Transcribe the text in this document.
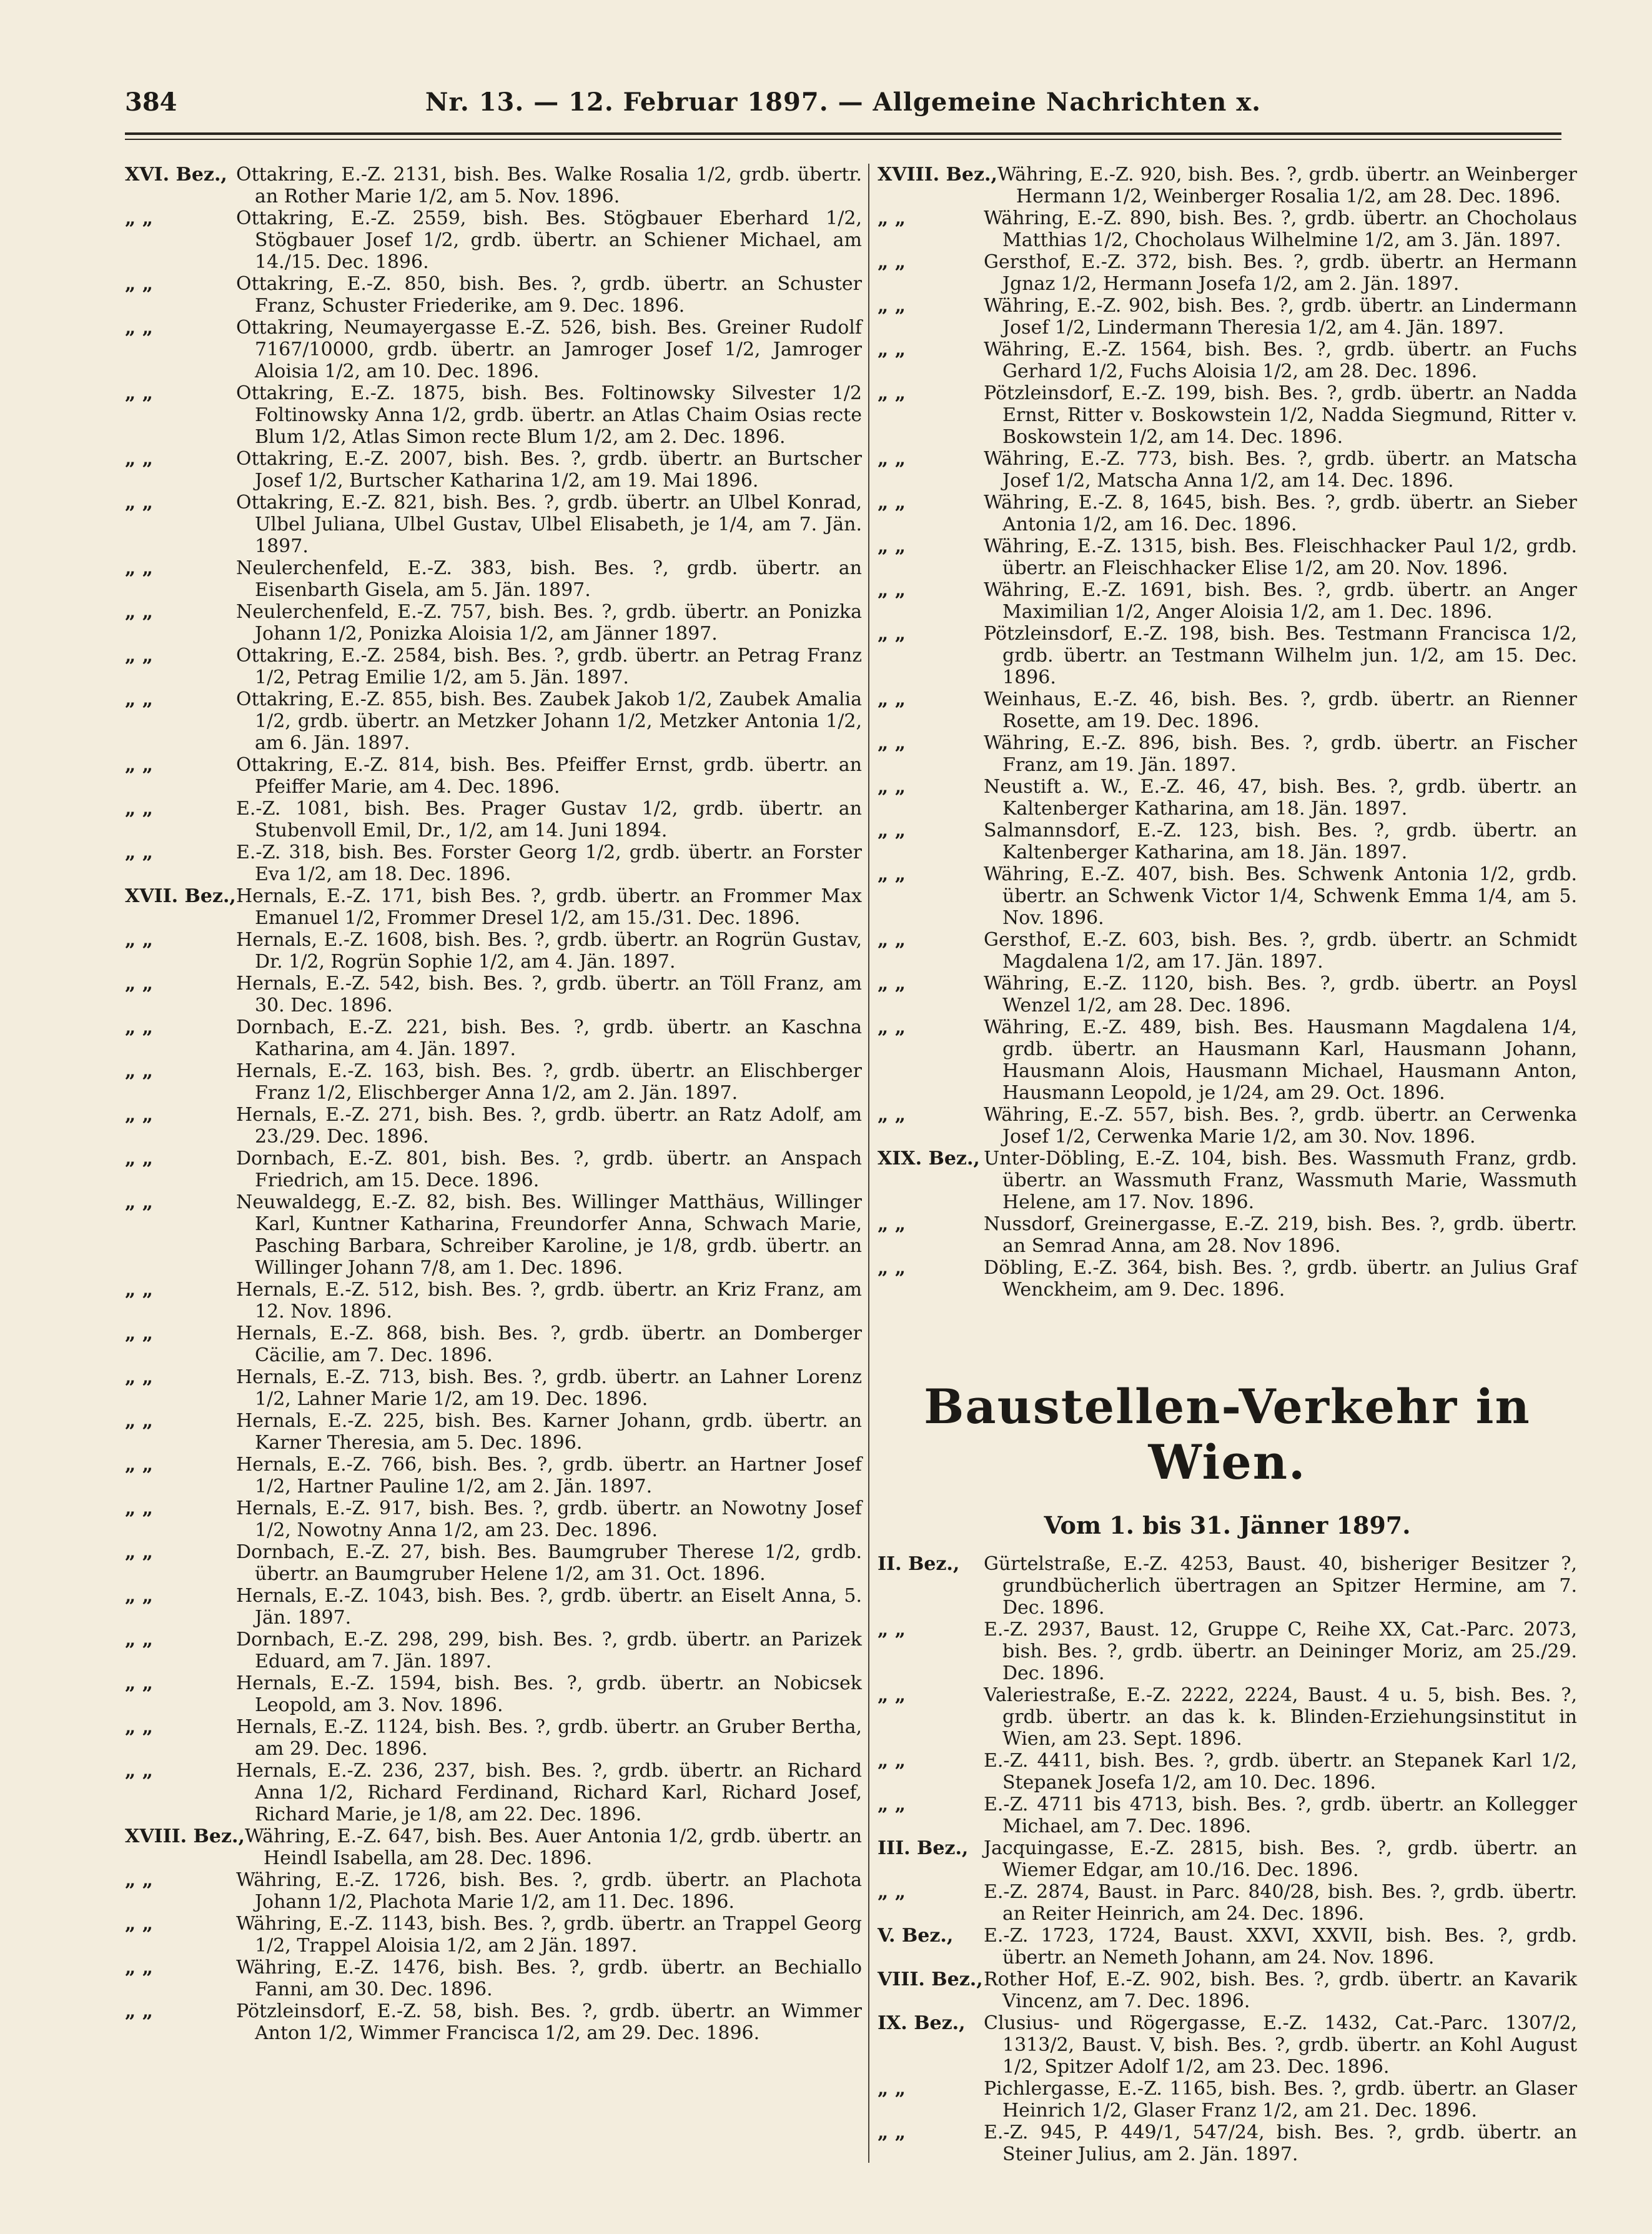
384	Nr. 13. — 12. Februar 1897. — Allgemeine Nachrichten x.
XVI. Bez., Ottakring, E.-Z. 2131, bish. Bes. Walke Rosalia 1/2, grdb. übertr. an Rother Marie 1/2, am 5. Nov. 1896.
„ „	Ottakring, E.-Z. 2559, bish. Bes. Stögbauer Eberhard 1/2, Stögbauer Josef 1/2, grdb. übertr. an Schiener Michael, am 14./15. Dec. 1896.
„ „	Ottakring, E.-Z. 850, bish. Bes. ?, grdb. übertr. an Schuster Franz, Schuster Friederike, am 9. Dec. 1896.
„ „	Ottakring, Neumayergasse E.-Z. 526, bish. Bes. Greiner Rudolf 7167/10000, grdb. übertr. an Jamroger Josef 1/2, Jamroger Aloisia 1/2, am 10. Dec. 1896.
„ „	Ottakring, E.-Z. 1875, bish. Bes. Foltinowsky Silvester 1/2 Foltinowsky Anna 1/2, grdb. übertr. an Atlas Chaim Osias recte Blum 1/2, Atlas Simon recte Blum 1/2, am 2. Dec. 1896.
„ „	Ottakring, E.-Z. 2007, bish. Bes. ?, grdb. übertr. an Burtscher Josef 1/2, Burtscher Katharina 1/2, am 19. Mai 1896.
„ „	Ottakring, E.-Z. 821, bish. Bes. ?, grdb. übertr. an Ulbel Konrad, Ulbel Juliana, Ulbel Gustav, Ulbel Elisabeth, je 1/4, am 7. Jän. 1897.
„ „	Neulerchenfeld, E.-Z. 383, bish. Bes. ?, grdb. übertr. an Eisenbarth Gisela, am 5. Jän. 1897.
„ „	Neulerchenfeld, E.-Z. 757, bish. Bes. ?, grdb. übertr. an Ponizka Johann 1/2, Ponizka Aloisia 1/2, am Jänner 1897.
„ „	Ottakring, E.-Z. 2584, bish. Bes. ?, grdb. übertr. an Petrag Franz 1/2, Petrag Emilie 1/2, am 5. Jän. 1897.
„ „	Ottakring, E.-Z. 855, bish. Bes. Zaubek Jakob 1/2, Zaubek Amalia 1/2, grdb. übertr. an Metzker Johann 1/2, Metzker Antonia 1/2, am 6. Jän. 1897.
„ „	Ottakring, E.-Z. 814, bish. Bes. Pfeiffer Ernst, grdb. übertr. an Pfeiffer Marie, am 4. Dec. 1896.
„ „	E.-Z. 1081, bish. Bes. Prager Gustav 1/2, grdb. übertr. an Stubenvoll Emil, Dr., 1/2, am 14. Juni 1894.
„ „	E.-Z. 318, bish. Bes. Forster Georg 1/2, grdb. übertr. an Forster Eva 1/2, am 18. Dec. 1896.
XVII. Bez., Hernals, E.-Z. 171, bish Bes. ?, grdb. übertr. an Frommer Max Emanuel 1/2, Frommer Dresel 1/2, am 15./31. Dec. 1896.
„ „	Hernals, E.-Z. 1608, bish. Bes. ?, grdb. übertr. an Rogrün Gustav, Dr. 1/2, Rogrün Sophie 1/2, am 4. Jän. 1897.
„ „	Hernals, E.-Z. 542, bish. Bes. ?, grdb. übertr. an Töll Franz, am 30. Dec. 1896.
„ „	Dornbach, E.-Z. 221, bish. Bes. ?, grdb. übertr. an Kaschna Katharina, am 4. Jän. 1897.
„ „	Hernals, E.-Z. 163, bish. Bes. ?, grdb. übertr. an Elischberger Franz 1/2, Elischberger Anna 1/2, am 2. Jän. 1897.
„ „	Hernals, E.-Z. 271, bish. Bes. ?, grdb. übertr. an Ratz Adolf, am 23./29. Dec. 1896.
„ „	Dornbach, E.-Z. 801, bish. Bes. ?, grdb. übertr. an Anspach Friedrich, am 15. Dece. 1896.
„ „	Neuwaldegg, E.-Z. 82, bish. Bes. Willinger Matthäus, Willinger Karl, Kuntner Katharina, Freundorfer Anna, Schwach Marie, Pasching Barbara, Schreiber Karoline, je 1/8, grdb. übertr. an Willinger Johann 7/8, am 1. Dec. 1896.
„ „	Hernals, E.-Z. 512, bish. Bes. ?, grdb. übertr. an Kriz Franz, am 12. Nov. 1896.
„ „	Hernals, E.-Z. 868, bish. Bes. ?, grdb. übertr. an Domberger Cäcilie, am 7. Dec. 1896.
„ „	Hernals, E.-Z. 713, bish. Bes. ?, grdb. übertr. an Lahner Lorenz 1/2, Lahner Marie 1/2, am 19. Dec. 1896.
„ „	Hernals, E.-Z. 225, bish. Bes. Karner Johann, grdb. übertr. an Karner Theresia, am 5. Dec. 1896.
„ „	Hernals, E.-Z. 766, bish. Bes. ?, grdb. übertr. an Hartner Josef 1/2, Hartner Pauline 1/2, am 2. Jän. 1897.
„ „	Hernals, E.-Z. 917, bish. Bes. ?, grdb. übertr. an Nowotny Josef 1/2, Nowotny Anna 1/2, am 23. Dec. 1896.
„ „	Dornbach, E.-Z. 27, bish. Bes. Baumgruber Therese 1/2, grdb. übertr. an Baumgruber Helene 1/2, am 31. Oct. 1896.
„ „	Hernals, E.-Z. 1043, bish. Bes. ?, grdb. übertr. an Eiselt Anna, 5. Jän. 1897.
„ „	Dornbach, E.-Z. 298, 299, bish. Bes. ?, grdb. übertr. an Parizek Eduard, am 7. Jän. 1897.
„ „	Hernals, E.-Z. 1594, bish. Bes. ?, grdb. übertr. an Nobicsek Leopold, am 3. Nov. 1896.
„ „	Hernals, E.-Z. 1124, bish. Bes. ?, grdb. übertr. an Gruber Bertha, am 29. Dec. 1896.
„ „	Hernals, E.-Z. 236, 237, bish. Bes. ?, grdb. übertr. an Richard Anna 1/2, Richard Ferdinand, Richard Karl, Richard Josef, Richard Marie, je 1/8, am 22. Dec. 1896.
XVIII. Bez., Währing, E.-Z. 647, bish. Bes. Auer Antonia 1/2, grdb. übertr. an Heindl Isabella, am 28. Dec. 1896.
„ „	Währing, E.-Z. 1726, bish. Bes. ?, grdb. übertr. an Plachota Johann 1/2, Plachota Marie 1/2, am 11. Dec. 1896.
„ „	Währing, E.-Z. 1143, bish. Bes. ?, grdb. übertr. an Trappel Georg 1/2, Trappel Aloisia 1/2, am 2 Jän. 1897.
„ „	Währing, E.-Z. 1476, bish. Bes. ?, grdb. übertr. an Bechiallo Fanni, am 30. Dec. 1896.
„ „	Pötzleinsdorf, E.-Z. 58, bish. Bes. ?, grdb. übertr. an Wimmer Anton 1/2, Wimmer Francisca 1/2, am 29. Dec. 1896.
XVIII. Bez., Währing, E.-Z. 920, bish. Bes. ?, grdb. übertr. an Weinberger Hermann 1/2, Weinberger Rosalia 1/2, am 28. Dec. 1896.
„ „	Währing, E.-Z. 890, bish. Bes. ?, grdb. übertr. an Chocholaus Matthias 1/2, Chocholaus Wilhelmine 1/2, am 3. Jän. 1897.
„ „	Gersthof, E.-Z. 372, bish. Bes. ?, grdb. übertr. an Hermann Jgnaz 1/2, Hermann Josefa 1/2, am 2. Jän. 1897.
„ „	Währing, E.-Z. 902, bish. Bes. ?, grdb. übertr. an Lindermann Josef 1/2, Lindermann Theresia 1/2, am 4. Jän. 1897.
„ „	Währing, E.-Z. 1564, bish. Bes. ?, grdb. übertr. an Fuchs Gerhard 1/2, Fuchs Aloisia 1/2, am 28. Dec. 1896.
„ „	Pötzleinsdorf, E.-Z. 199, bish. Bes. ?, grdb. übertr. an Nadda Ernst, Ritter v. Boskowstein 1/2, Nadda Siegmund, Ritter v. Boskowstein 1/2, am 14. Dec. 1896.
„ „	Währing, E.-Z. 773, bish. Bes. ?, grdb. übertr. an Matscha Josef 1/2, Matscha Anna 1/2, am 14. Dec. 1896.
„ „	Währing, E.-Z. 8, 1645, bish. Bes. ?, grdb. übertr. an Sieber Antonia 1/2, am 16. Dec. 1896.
„ „	Währing, E.-Z. 1315, bish. Bes. Fleischhacker Paul 1/2, grdb. übertr. an Fleischhacker Elise 1/2, am 20. Nov. 1896.
„ „	Währing, E.-Z. 1691, bish. Bes. ?, grdb. übertr. an Anger Maximilian 1/2, Anger Aloisia 1/2, am 1. Dec. 1896.
„ „	Pötzleinsdorf, E.-Z. 198, bish. Bes. Testmann Francisca 1/2, grdb. übertr. an Testmann Wilhelm jun. 1/2, am 15. Dec. 1896.
„ „	Weinhaus, E.-Z. 46, bish. Bes. ?, grdb. übertr. an Rienner Rosette, am 19. Dec. 1896.
„ „	Währing, E.-Z. 896, bish. Bes. ?, grdb. übertr. an Fischer Franz, am 19. Jän. 1897.
„ „	Neustift a. W., E.-Z. 46, 47, bish. Bes. ?, grdb. übertr. an Kaltenberger Katharina, am 18. Jän. 1897.
„ „	Salmannsdorf, E.-Z. 123, bish. Bes. ?, grdb. übertr. an Kaltenberger Katharina, am 18. Jän. 1897.
„ „	Währing, E.-Z. 407, bish. Bes. Schwenk Antonia 1/2, grdb. übertr. an Schwenk Victor 1/4, Schwenk Emma 1/4, am 5. Nov. 1896.
„ „	Gersthof, E.-Z. 603, bish. Bes. ?, grdb. übertr. an Schmidt Magdalena 1/2, am 17. Jän. 1897.
„ „	Währing, E.-Z. 1120, bish. Bes. ?, grdb. übertr. an Poysl Wenzel 1/2, am 28. Dec. 1896.
„ „	Währing, E.-Z. 489, bish. Bes. Hausmann Magdalena 1/4, grdb. übertr. an Hausmann Karl, Hausmann Johann, Hausmann Alois, Hausmann Michael, Hausmann Anton, Hausmann Leopold, je 1/24, am 29. Oct. 1896.
„ „	Währing, E.-Z. 557, bish. Bes. ?, grdb. übertr. an Cerwenka Josef 1/2, Cerwenka Marie 1/2, am 30. Nov. 1896.
XIX. Bez., Unter-Döbling, E.-Z. 104, bish. Bes. Wassmuth Franz, grdb. übertr. an Wassmuth Franz, Wassmuth Marie, Wassmuth Helene, am 17. Nov. 1896.
„ „	Nussdorf, Greinergasse, E.-Z. 219, bish. Bes. ?, grdb. übertr. an Semrad Anna, am 28. Nov 1896.
„ „	Döbling, E.-Z. 364, bish. Bes. ?, grdb. übertr. an Julius Graf Wenckheim, am 9. Dec. 1896.
Baustellen-Verkehr in Wien.
Vom 1. bis 31. Jänner 1897.
II. Bez.,	Gürtelstraße, E.-Z. 4253, Baust. 40, bisheriger Besitzer ?, grundbücherlich übertragen an Spitzer Hermine, am 7. Dec. 1896.
„ „	E.-Z. 2937, Baust. 12, Gruppe C, Reihe XX, Cat.-Parc. 2073, bish. Bes. ?, grdb. übertr. an Deininger Moriz, am 25./29. Dec. 1896.
„ „	Valeriestraße, E.-Z. 2222, 2224, Baust. 4 u. 5, bish. Bes. ?, grdb. übertr. an das k. k. Blinden-Erziehungsinstitut in Wien, am 23. Sept. 1896.
„ „	E.-Z. 4411, bish. Bes. ?, grdb. übertr. an Stepanek Karl 1/2, Stepanek Josefa 1/2, am 10. Dec. 1896.
„ „	E.-Z. 4711 bis 4713, bish. Bes. ?, grdb. übertr. an Kollegger Michael, am 7. Dec. 1896.
III. Bez., Jacquingasse, E.-Z. 2815, bish. Bes. ?, grdb. übertr. an Wiemer Edgar, am 10./16. Dec. 1896.
„ „	E.-Z. 2874, Baust. in Parc. 840/28, bish. Bes. ?, grdb. übertr. an Reiter Heinrich, am 24. Dec. 1896.
V. Bez.,	E.-Z. 1723, 1724, Baust. XXVI, XXVII, bish. Bes. ?, grdb. übertr. an Nemeth Johann, am 24. Nov. 1896.
VIII. Bez., Rother Hof, E.-Z. 902, bish. Bes. ?, grdb. übertr. an Kavarik Vincenz, am 7. Dec. 1896.
IX. Bez., Clusius- und Rögergasse, E.-Z. 1432, Cat.-Parc. 1307/2, 1313/2, Baust. V, bish. Bes. ?, grdb. übertr. an Kohl August 1/2, Spitzer Adolf 1/2, am 23. Dec. 1896.
„ „	Pichlergasse, E.-Z. 1165, bish. Bes. ?, grdb. übertr. an Glaser Heinrich 1/2, Glaser Franz 1/2, am 21. Dec. 1896.
„ „	E.-Z. 945, P. 449/1, 547/24, bish. Bes. ?, grdb. übertr. an Steiner Julius, am 2. Jän. 1897.
